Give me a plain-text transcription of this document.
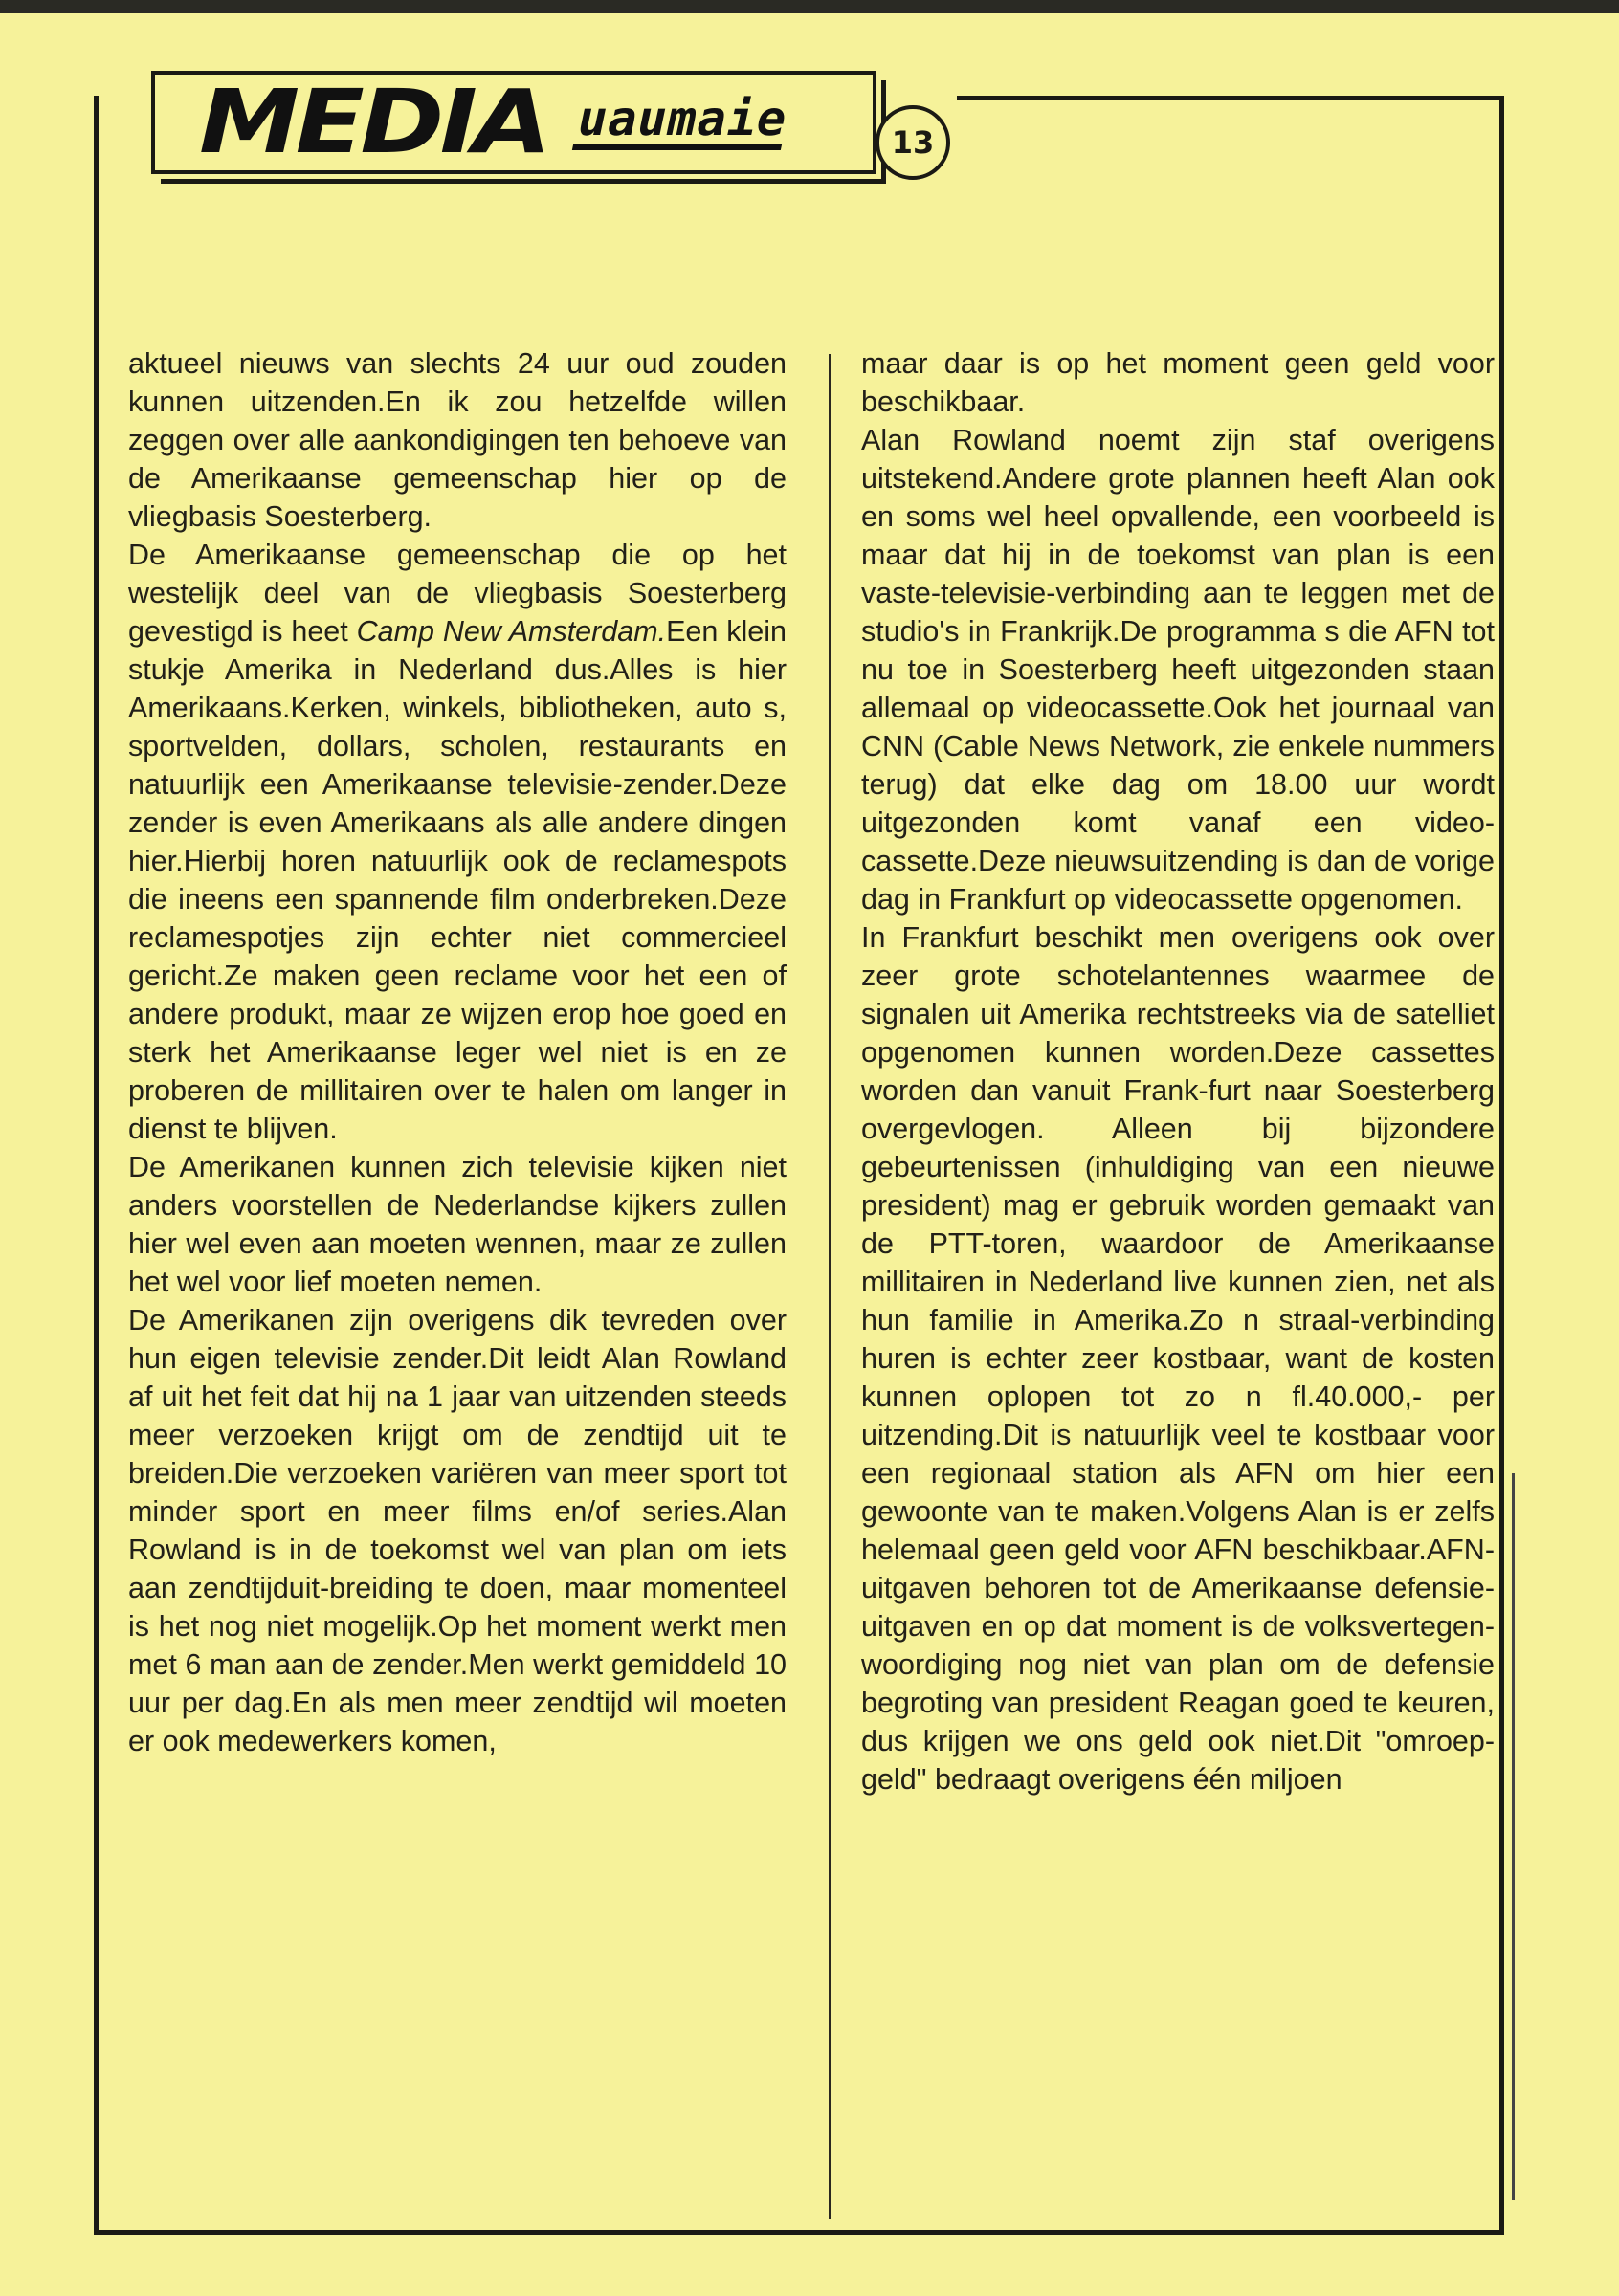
MEDIA uaumaie	13

aktueel nieuws van slechts 24 uur oud zouden kunnen uitzenden.En ik zou hetzelfde willen zeggen over alle aankondigingen ten behoeve van de Amerikaanse gemeenschap hier op de vliegbasis Soesterberg.

De Amerikaanse gemeenschap die op het westelijk deel van de vliegbasis Soesterberg gevestigd is heet Camp New Amsterdam.Een klein stukje Amerika in Nederland dus.Alles is hier Amerikaans.Kerken, winkels, bibliotheken, auto s, sportvelden, dollars, scholen, restaurants en natuurlijk een Amerikaanse televisie-zender.Deze zender is even Amerikaans als alle andere dingen hier.Hierbij horen natuurlijk ook de reclamespots die ineens een spannende film onderbreken.Deze reclamespotjes zijn echter niet commercieel gericht.Ze maken geen reclame voor het een of andere produkt, maar ze wijzen erop hoe goed en sterk het Amerikaanse leger wel niet is en ze proberen de millitairen over te halen om langer in dienst te blijven.

De Amerikanen kunnen zich televisie kijken niet anders voorstellen de Nederlandse kijkers zullen hier wel even aan moeten wennen, maar ze zullen het wel voor lief moeten nemen.

De Amerikanen zijn overigens dik tevreden over hun eigen televisie zender.Dit leidt Alan Rowland af uit het feit dat hij na 1 jaar van uitzenden steeds meer verzoeken krijgt om de zendtijd uit te breiden.Die verzoeken variëren van meer sport tot minder sport en meer films en/of series.Alan Rowland is in de toekomst wel van plan om iets aan zendtijduit-breiding te doen, maar momenteel is het nog niet mogelijk.Op het moment werkt men met 6 man aan de zender.Men werkt gemiddeld 10 uur per dag.En als men meer zendtijd wil moeten er ook medewerkers komen,

maar daar is op het moment geen geld voor beschikbaar.

Alan Rowland noemt zijn staf overigens uitstekend.Andere grote plannen heeft Alan ook en soms wel heel opvallende, een voorbeeld is maar dat hij in de toekomst van plan is een vaste-televisie-verbinding aan te leggen met de studio's in Frankrijk.De programma s die AFN tot nu toe in Soesterberg heeft uitgezonden staan allemaal op videocassette.Ook het journaal van CNN (Cable News Network, zie enkele nummers terug) dat elke dag om 18.00 uur wordt uitgezonden komt vanaf een video-cassette.Deze nieuwsuitzending is dan de vorige dag in Frankfurt op videocassette opgenomen.

In Frankfurt beschikt men overigens ook over zeer grote schotelantennes waarmee de signalen uit Amerika rechtstreeks via de satelliet opgenomen kunnen worden.Deze cassettes worden dan vanuit Frank-furt naar Soesterberg overgevlogen. Alleen bij bijzondere gebeurtenissen (inhuldiging van een nieuwe president) mag er gebruik worden gemaakt van de PTT-toren, waardoor de Amerikaanse millitairen in Nederland live kunnen zien, net als hun familie in Amerika.Zo n straal-verbinding huren is echter zeer kostbaar, want de kosten kunnen oplopen tot zo n fl.40.000,- per uitzending.Dit is natuurlijk veel te kostbaar voor een regionaal station als AFN om hier een gewoonte van te maken.Volgens Alan is er zelfs helemaal geen geld voor AFN beschikbaar.AFN-uitgaven behoren tot de Amerikaanse defensie-uitgaven en op dat moment is de volksvertegen-woordiging nog niet van plan om de defensie begroting van president Reagan goed te keuren, dus krijgen we ons geld ook niet.Dit "omroep-geld" bedraagt overigens één miljoen
